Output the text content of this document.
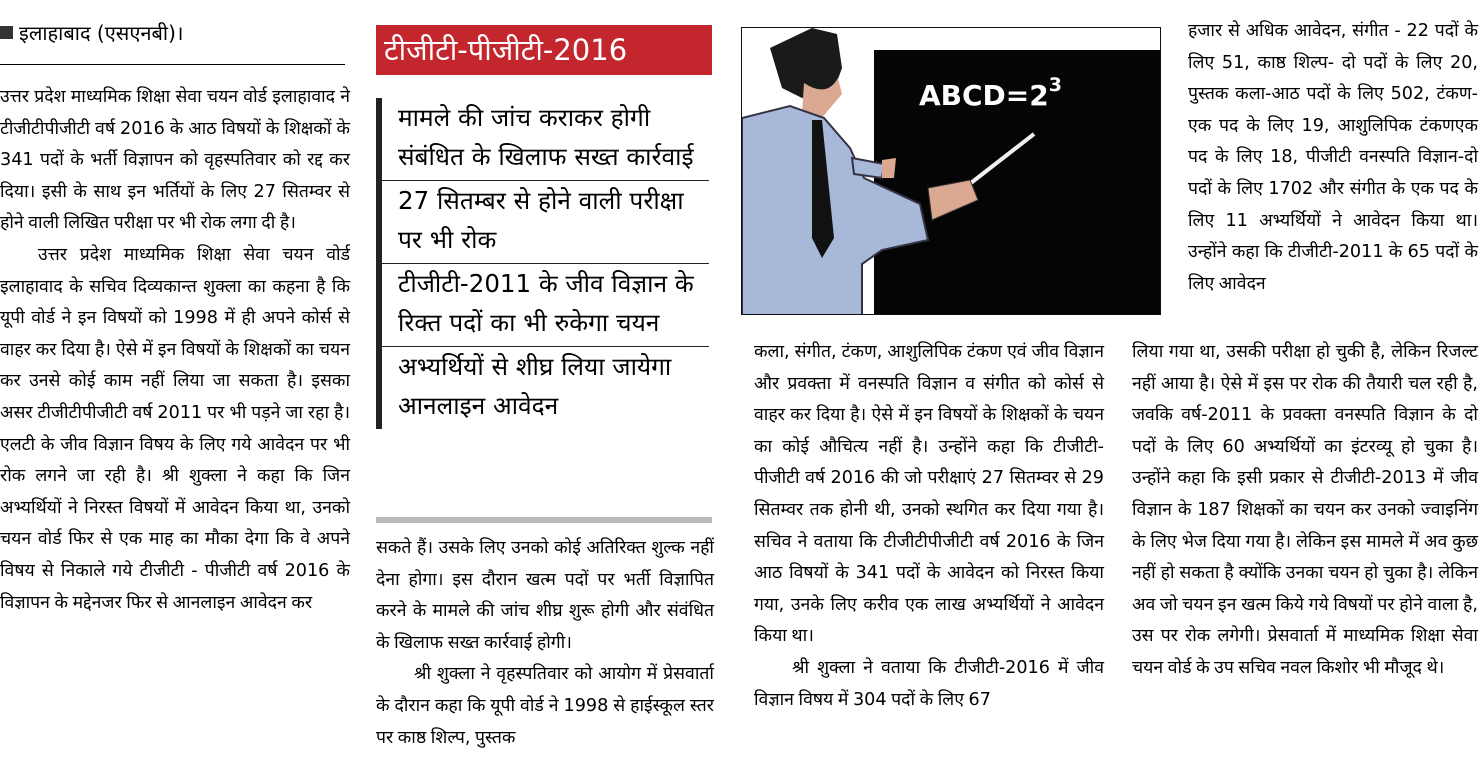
इलाहाबाद (एसएनबी)।

उत्तर प्रदेश माध्यमिक शिक्षा सेवा चयन वोर्ड इलाहावाद ने टीजीटीपीजीटी वर्ष 2016 के आठ विषयों के शिक्षकों के 341 पदों के भर्ती विज्ञापन को वृहस्पतिवार को रद्द कर दिया। इसी के साथ इन भर्तियों के लिए 27 सितम्वर से होने वाली लिखित परीक्षा पर भी रोक लगा दी है।

उत्तर प्रदेश माध्यमिक शिक्षा सेवा चयन वोर्ड इलाहावाद के सचिव दिव्यकान्त शुक्ला का कहना है कि यूपी वोर्ड ने इन विषयों को 1998 में ही अपने कोर्स से वाहर कर दिया है। ऐसे में इन विषयों के शिक्षकों का चयन कर उनसे कोई काम नहीं लिया जा सकता है। इसका असर टीजीटीपीजीटी वर्ष 2011 पर भी पड़ने जा रहा है। एलटी के जीव विज्ञान विषय के लिए गये आवेदन पर भी रोक लगने जा रही है। श्री शुक्ला ने कहा कि जिन अभ्यर्थियों ने निरस्त विषयों में आवेदन किया था, उनको चयन वोर्ड फिर से एक माह का मौका देगा कि वे अपने विषय से निकाले गये टीजीटी - पीजीटी वर्ष 2016 के विज्ञापन के मद्देनजर फिर से आनलाइन आवेदन कर

टीजीटी-पीजीटी-2016
मामले की जांच कराकर होगी संबंधित के खिलाफ सख्त कार्रवाई
27 सितम्बर से होने वाली परीक्षा पर भी रोक
टीजीटी-2011 के जीव विज्ञान के रिक्त पदों का भी रुकेगा चयन
अभ्यर्थियों से शीघ्र लिया जायेगा आनलाइन आवेदन

सकते हैं। उसके लिए उनको कोई अतिरिक्त शुल्क नहीं देना होगा। इस दौरान खत्म पदों पर भर्ती विज्ञापित करने के मामले की जांच शीघ्र शुरू होगी और संवंधित के खिलाफ सख्त कार्रवाई होगी।

श्री शुक्ला ने वृहस्पतिवार को आयोग में प्रेसवार्ता के दौरान कहा कि यूपी वोर्ड ने 1998 से हाईस्कूल स्तर पर काष्ठ शिल्प, पुस्तक

$ABCD=2^3$

कला, संगीत, टंकण, आशुलिपिक टंकण एवं जीव विज्ञान और प्रवक्ता में वनस्पति विज्ञान व संगीत को कोर्स से वाहर कर दिया है। ऐसे में इन विषयों के शिक्षकों के चयन का कोई औचित्य नहीं है। उन्होंने कहा कि टीजीटी-पीजीटी वर्ष 2016 की जो परीक्षाएं 27 सितम्वर से 29 सितम्वर तक होनी थी, उनको स्थगित कर दिया गया है। सचिव ने वताया कि टीजीटीपीजीटी वर्ष 2016 के जिन आठ विषयों के 341 पदों के आवेदन को निरस्त किया गया, उनके लिए करीव एक लाख अभ्यर्थियों ने आवेदन किया था।

श्री शुक्ला ने वताया कि टीजीटी-2016 में जीव विज्ञान विषय में 304 पदों के लिए 67

हजार से अधिक आवेदन, संगीत - 22 पदों के लिए 51, काष्ठ शिल्प- दो पदों के लिए 20, पुस्तक कला-आठ पदों के लिए 502, टंकण- एक पद के लिए 19, आशुलिपिक टंकणएक पद के लिए 18, पीजीटी वनस्पति विज्ञान-दो पदों के लिए 1702 और संगीत के एक पद के लिए 11 अभ्यर्थियों ने आवेदन किया था। उन्होंने कहा कि टीजीटी-2011 के 65 पदों के लिए आवेदन

लिया गया था, उसकी परीक्षा हो चुकी है, लेकिन रिजल्ट नहीं आया है। ऐसे में इस पर रोक की तैयारी चल रही है, जवकि वर्ष-2011 के प्रवक्ता वनस्पति विज्ञान के दो पदों के लिए 60 अभ्यर्थियों का इंटरव्यू हो चुका है। उन्होंने कहा कि इसी प्रकार से टीजीटी-2013 में जीव विज्ञान के 187 शिक्षकों का चयन कर उनको ज्वाइनिंग के लिए भेज दिया गया है। लेकिन इस मामले में अव कुछ नहीं हो सकता है क्योंकि उनका चयन हो चुका है। लेकिन अव जो चयन इन खत्म किये गये विषयों पर होने वाला है, उस पर रोक लगेगी। प्रेसवार्ता में माध्यमिक शिक्षा सेवा चयन वोर्ड के उप सचिव नवल किशोर भी मौजूद थे।
